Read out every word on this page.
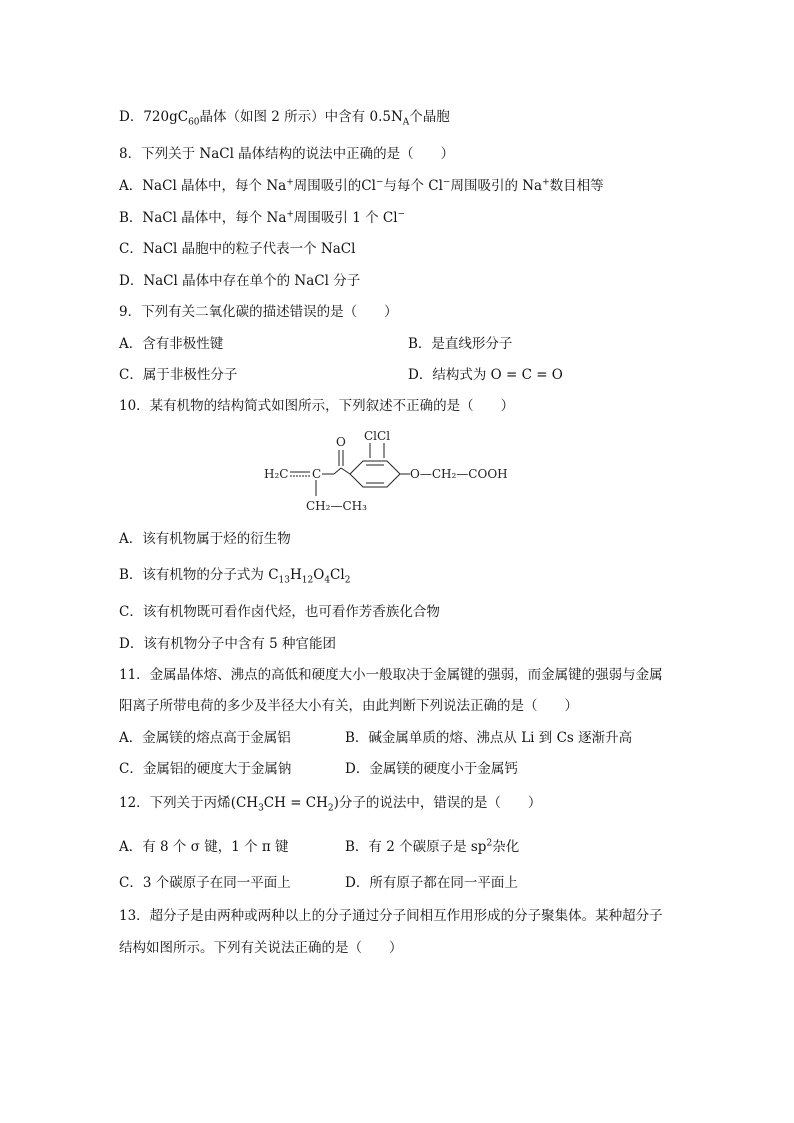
D．$720gC_{60}$晶体（如图 2 所示）中含有 $0.5N_A$个晶胞
8．下列关于 NaCl 晶体结构的说法中正确的是（　　）
A．NaCl 晶体中，每个 Na+周围吸引的Cl−与每个 Cl−周围吸引的 Na+数目相等
B．NaCl 晶体中，每个 Na+周围吸引 1 个 Cl−
C．NaCl 晶胞中的粒子代表一个 NaCl
D．NaCl 晶体中存在单个的 NaCl 分子
9．下列有关二氧化碳的描述错误的是（　　）
A．含有非极性键	B．是直线形分子
C．属于非极性分子	D．结构式为 O = C = O
10．某有机物的结构简式如图所示，下列叙述不正确的是（　　）
O ClCl
H₂C C	O—CH₂—COOH
CH₂—CH₃
A．该有机物属于烃的衍生物
B．该有机物的分子式为 $C_{13}H_{12}O_4Cl_2$
C．该有机物既可看作卤代烃，也可看作芳香族化合物
D．该有机物分子中含有 5 种官能团
11．金属晶体熔、沸点的高低和硬度大小一般取决于金属键的强弱，而金属键的强弱与金属
阳离子所带电荷的多少及半径大小有关，由此判断下列说法正确的是（　　）
A．金属镁的熔点高于金属铝	B．碱金属单质的熔、沸点从 Li 到 Cs 逐渐升高
C．金属铝的硬度大于金属钠	D．金属镁的硬度小于金属钙
12．下列关于丙烯$(CH_3CH = CH_2)$分子的说法中，错误的是（　　）
A．有 8 个 σ 键，1 个 π 键	B．有 2 个碳原子是 $sp^2$杂化
C．3 个碳原子在同一平面上	D．所有原子都在同一平面上
13．超分子是由两种或两种以上的分子通过分子间相互作用形成的分子聚集体。某种超分子
结构如图所示。下列有关说法正确的是（　　）
